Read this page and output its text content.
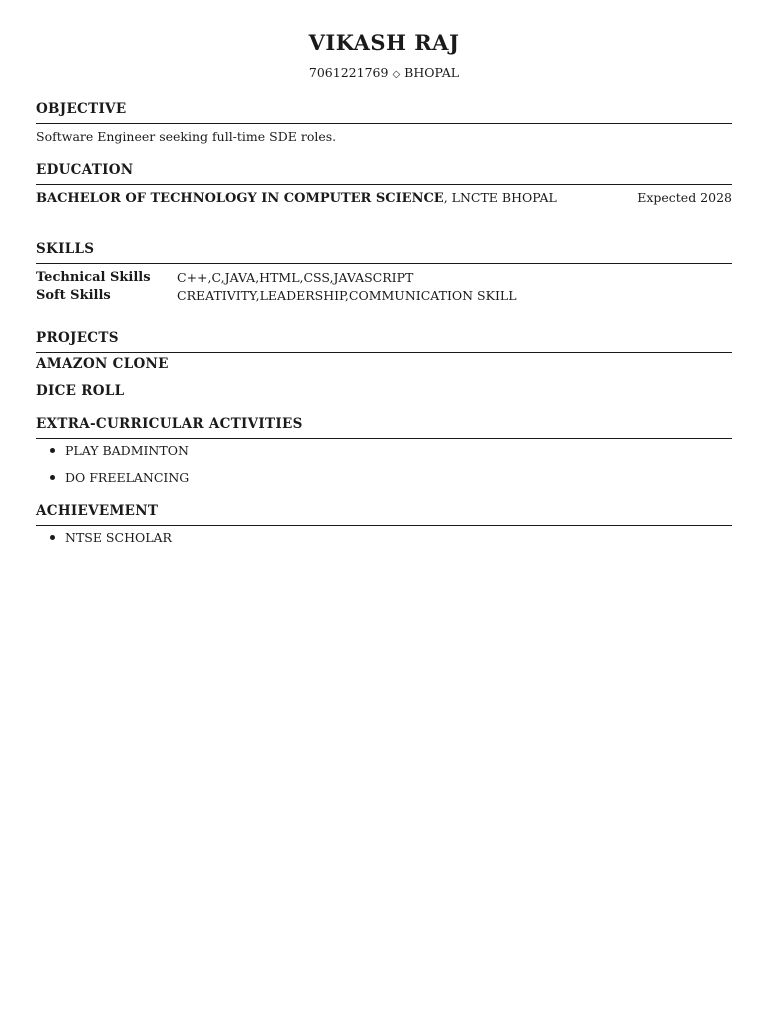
VIKASH RAJ
7061221769 ◇ BHOPAL
OBJECTIVE
Software Engineer seeking full-time SDE roles.
EDUCATION
BACHELOR OF TECHNOLOGY IN COMPUTER SCIENCE, LNCTE BHOPAL	Expected 2028
SKILLS
Technical Skills C++,C,JAVA,HTML,CSS,JAVASCRIPT
Soft Skills	CREATIVITY,LEADERSHIP,COMMUNICATION SKILL
PROJECTS
AMAZON CLONE
DICE ROLL
EXTRA-CURRICULAR ACTIVITIES
PLAY BADMINTON
DO FREELANCING
ACHIEVEMENT
NTSE SCHOLAR
